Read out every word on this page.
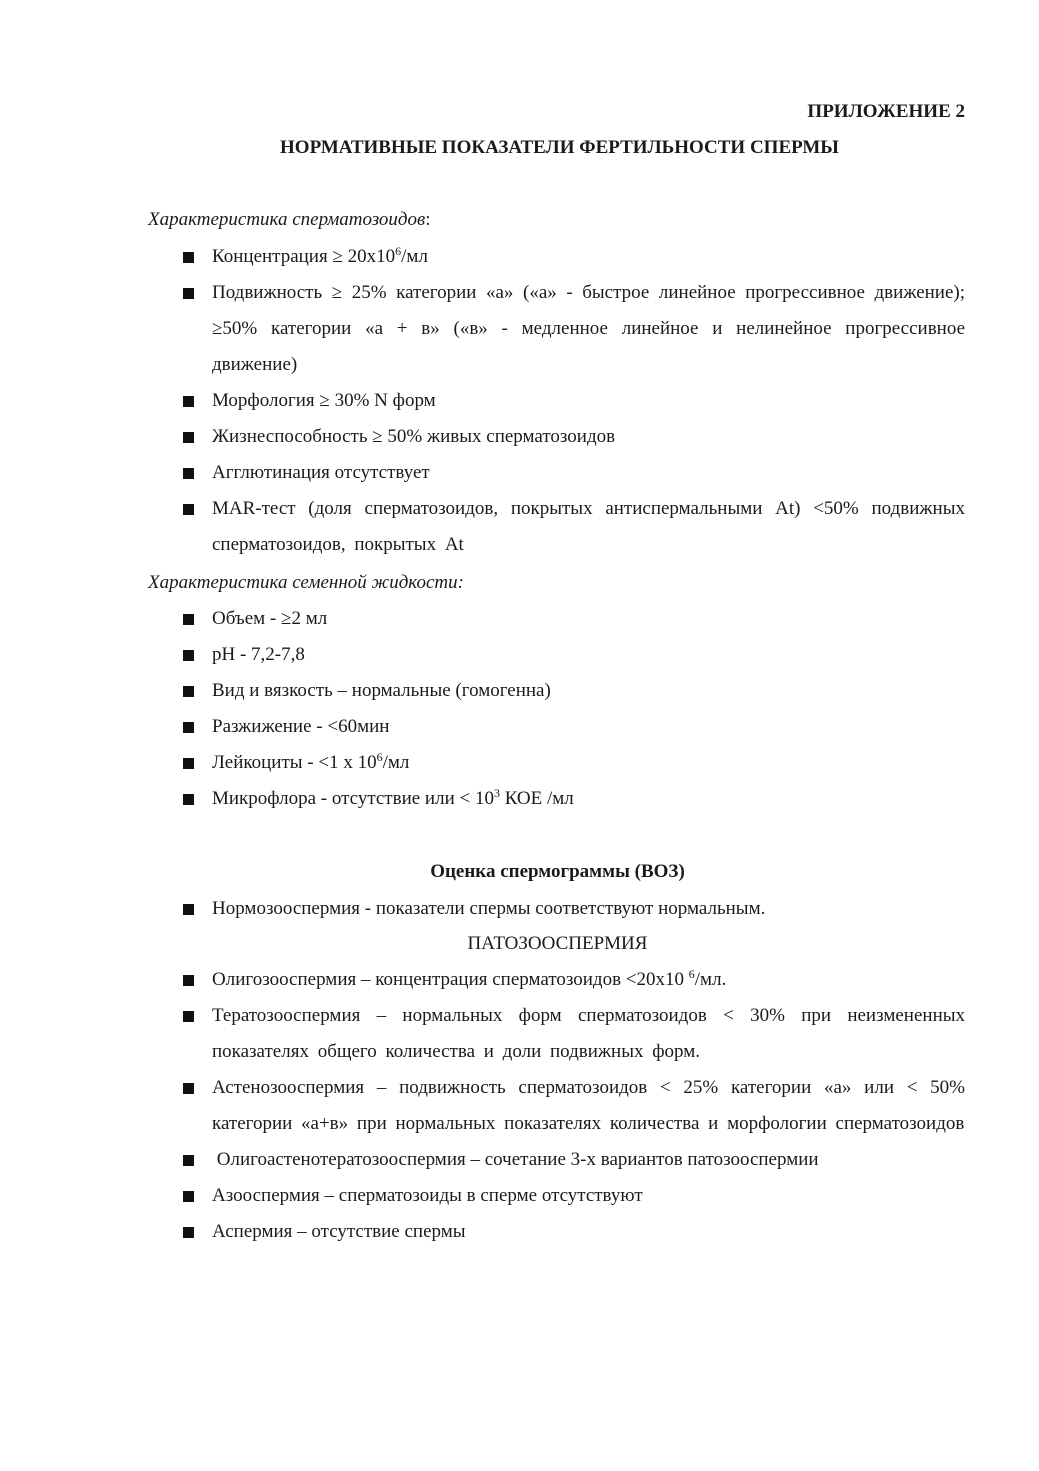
ПРИЛОЖЕНИЕ 2

НОРМАТИВНЫЕ ПОКАЗАТЕЛИ ФЕРТИЛЬНОСТИ СПЕРМЫ

Характеристика сперматозоидов:

Концентрация ≥ $20х10^6/мл$
Подвижность ≥ 25% категории «а» («а» - быстрое линейное прогрессивное движение); ≥50% категории «а + в» («в» - медленное линейное и нелинейное прогрессивное движение)
Морфология ≥ 30% N форм
Жизнеспособность ≥ 50% живых сперматозоидов
Агглютинация отсутствует
MAR-тест (доля сперматозоидов, покрытых антиспермальными At) <50% подвижных сперматозоидов, покрытых At

Характеристика семенной жидкости:

Объем - ≥2 мл
pH - 7,2-7,8
Вид и вязкость – нормальные (гомогенна)
Разжижение - <60мин
Лейкоциты - <1 х $10^6/мл$
Микрофлора - отсутствие или < $10^3$ КОЕ /мл

Оценка спермограммы (ВОЗ)

Нормозооспермия - показатели спермы соответствуют нормальным.

ПАТОЗООСПЕРМИЯ

Олигозооспермия – концентрация сперматозоидов <20х10 $^6$/мл.
Тератозооспермия – нормальных форм сперматозоидов < 30% при неизмененных показателях общего количества и доли подвижных форм.
Астенозооспермия – подвижность сперматозоидов < 25% категории «а» или < 50% категории «а+в» при нормальных показателях количества и морфологии сперматозоидов
Олигоастенотератозооспермия – сочетание 3-х вариантов патозооспермии
Азооспермия – сперматозоиды в сперме отсутствуют
Аспермия – отсутствие спермы
